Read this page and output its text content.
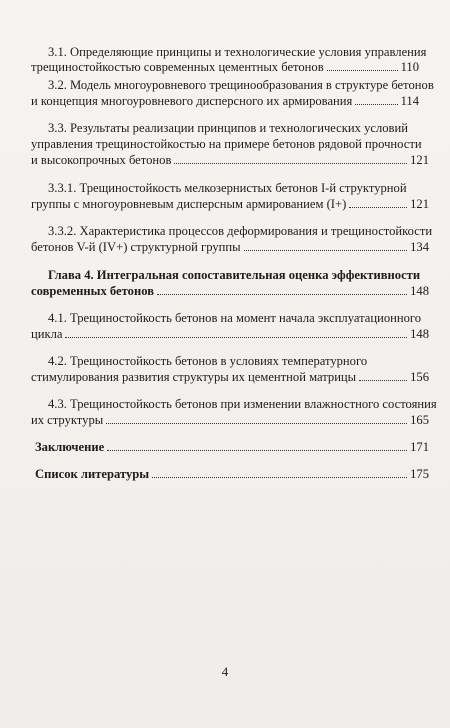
3.1. Определяющие принципы и технологические условия управления
трещиностойкостью современных цементных бетонов	110
3.2. Модель многоуровневого трещинообразования в структуре бетонов
и концепция многоуровневого дисперсного их армирования	114
3.3. Результаты реализации принципов и технологических условий
управления трещиностойкостью на примере бетонов рядовой прочности
и высокопрочных бетонов	121
3.3.1. Трещиностойкость мелкозернистых бетонов I-й структурной
группы с многоуровневым дисперсным армированием (I+)	121
3.3.2. Характеристика процессов деформирования и трещиностойкости
бетонов V-й (IV+) структурной группы	134
Глава 4. Интегральная сопоставительная оценка эффективности
современных бетонов	148
4.1. Трещиностойкость бетонов на момент начала эксплуатационного
цикла	148
4.2. Трещиностойкость бетонов в условиях температурного
стимулирования развития структуры их цементной матрицы	156
4.3. Трещиностойкость бетонов при изменении влажностного состояния
их структуры	165
Заключение	171
Список литературы	175
4
